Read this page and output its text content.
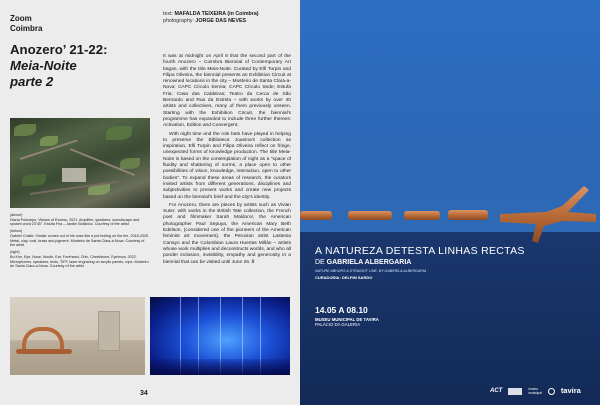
Zoom
Coimbra
text: MAFALDA TEIXEIRA (in Coimbra)
photography: JORGE DAS NEVES
Anozero’ 21-22:
Meia-Noite
parte 2
(above)
Diana Policarpo, Visions of Excess, 2021. Amplifier, speakers, soundscape and spoken word 23'45''. Estufa Fria – Jardim Botânico. Courtesy of the artist
(below)
Gabriel Chaile, Similar comes out of his nose like a pot boiling on the fire, 2018-2020. Metal, clay, coal, brass and pigment. Mosteiro de Santa Clara-a-Nova. Courtesy of the artist
(right)
Bo Kim, Eye, Nose, Mouth, Ear, Forehead, Chin, Cheekbone, Eyebrow, 2022. Microphones, speakers, texts, TIFF, laser engraving on acrylic panels, rope. Mosteiro de Santa Clara-a-Nova. Courtesy of the artist

It was at midnight on April 9 that the second part of the fourth Anozero – Coimbra Biennial of Contemporary Art began, with the title Meia-Noite. Curated by Elfi Turpin and Filipa Oliveira, the biennial presents an Exhibition Circuit at renowned locations in the city – Mosteiro de Santa Clara-a-Nova; CAPC Círculo Sereia; CAPC Círculo Sede; Estufa Fria; Casa das Caldeiras; Teatro da Cerca de São Bernardo and Rua da Estrela – with works by over 40 artists and collectives, many of them previously unseen. Starting with the Exhibition Circuit, the biennial's programme has expanded to include three further themes: Activation, Edition and Convergent.

With night time and the role bats have played in helping to preserve the Biblioteca Joanina's collection as inspiration, Elfi Turpin and Filipa Oliveira reflect on fringe, unexpected forms of knowledge production. The title Meia-Noite is based on the contemplation of night as a "space of fluidity and shattering of norms, a place open to other possibilities of vision, knowledge, interaction, open to other bodies". To expand these areas of research, the curators invited artists from different generations, disciplines and subjectivities to present works and create new projects based on the biennial's brief and the city's identity.

For Anozero, there are pieces by artists such as Vivian Suter, with works in the British Tate collection, the French poet and filmmaker Sarah Maldoror, the American photographer Paul Sepuya, the American Mary Beth Edelson, (considered one of the pioneers of the American feminist art movement), the Peruvian artist Lastenia Canayo and the Colombian Laura Huertas Millán – artists whose work multiplies and deconstructs worlds, and who all ponder inclusion, invisibility, empathy and generosity in a biennial that can be visited until June 26. //

34
A NATUREZA DETESTA LINHAS RECTAS
DE GABRIELA ALBERGARIA
NATURE ABHORS A STRAIGHT LINE, BY GABRIELA ALBERGARIA
CURADORIA: DELFIM SARDO
14.05 A 08.10
MUSEU MUNICIPAL DE TAVIRA
PALÁCIO DA GALERIA
ACT	museu
municipal	tavira
